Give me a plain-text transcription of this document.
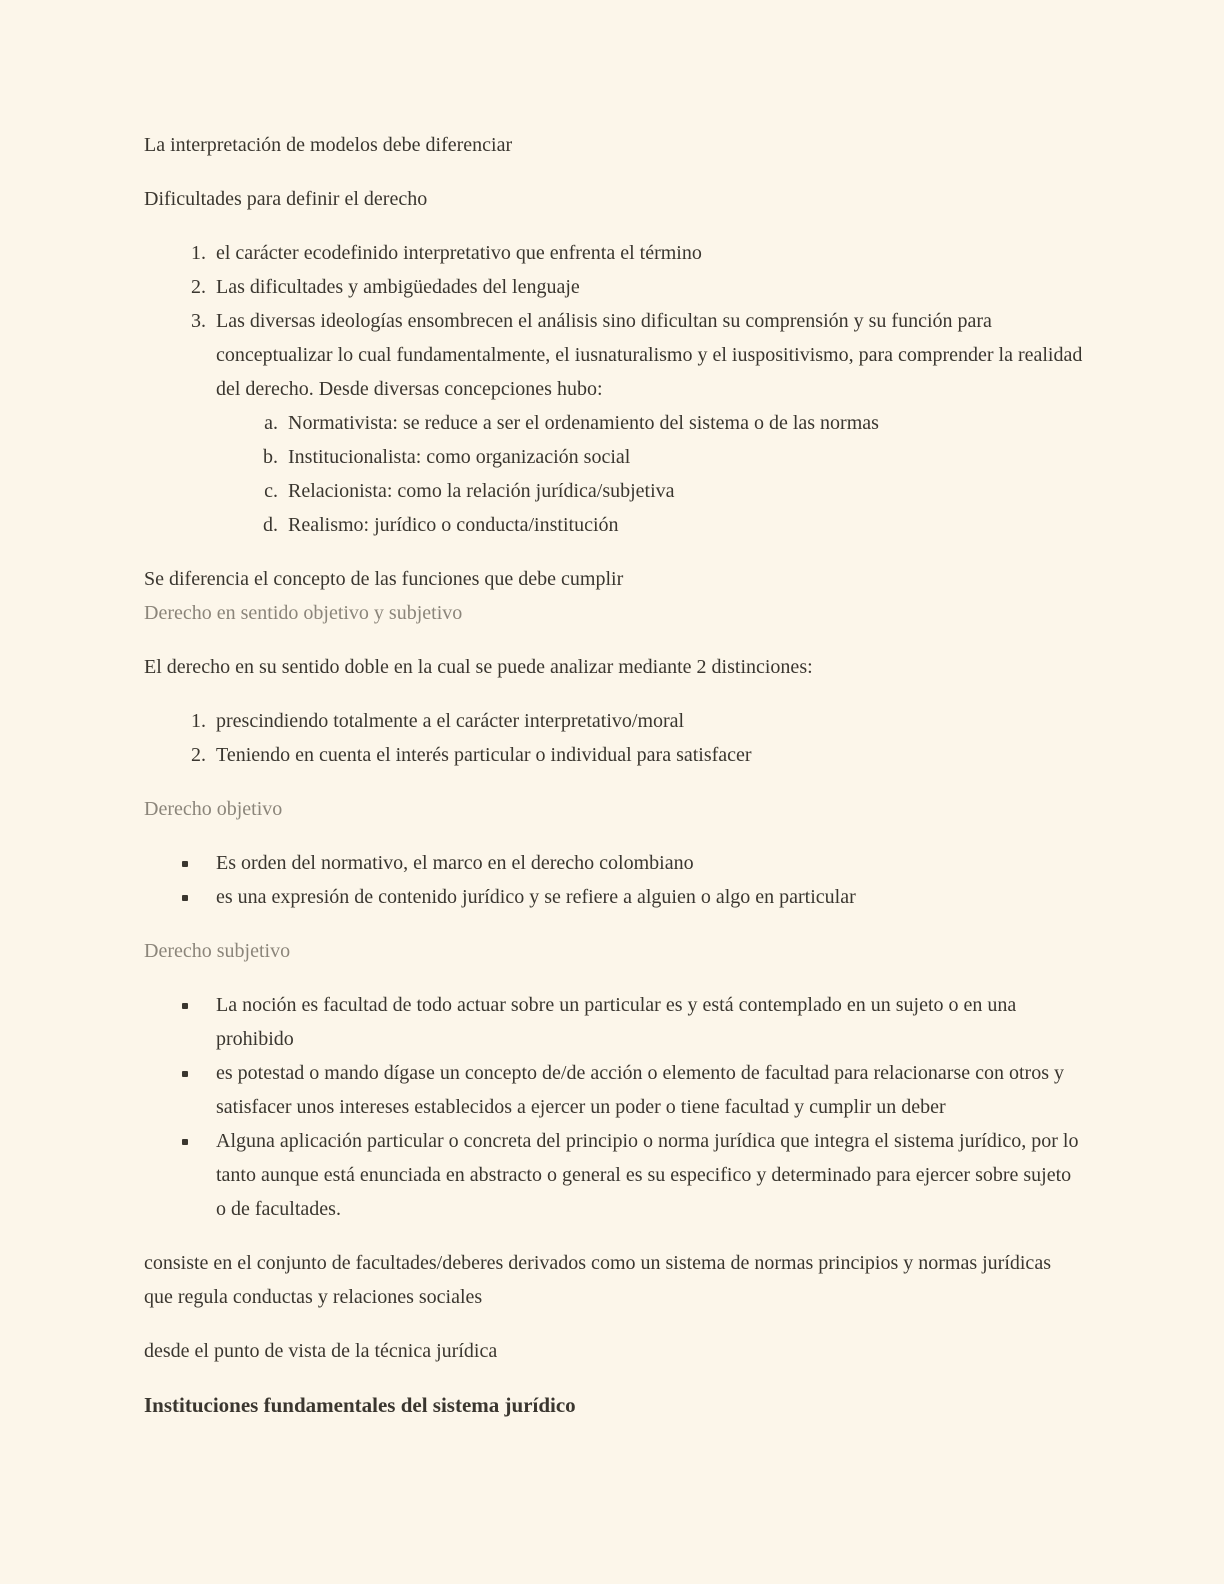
La interpretación de modelos debe diferenciar

Dificultades para definir el derecho

1. el carácter ecodefinido interpretativo que enfrenta el término
2. Las dificultades y ambigüedades del lenguaje
3. Las diversas ideologías ensombrecen el análisis sino dificultan su comprensión y su función para conceptualizar lo cual fundamentalmente, el iusnaturalismo y el iuspositivismo, para comprender la realidad del derecho. Desde diversas concepciones hubo:
a. Normativista: se reduce a ser el ordenamiento del sistema o de las normas
b. Institucionalista: como organización social
c. Relacionista: como la relación jurídica/subjetiva
d. Realismo: jurídico o conducta/institución

Se diferencia el concepto de las funciones que debe cumplir

Derecho en sentido objetivo y subjetivo

El derecho en su sentido doble en la cual se puede analizar mediante 2 distinciones:

1. prescindiendo totalmente a el carácter interpretativo/moral
2. Teniendo en cuenta el interés particular o individual para satisfacer

Derecho objetivo

Es orden del normativo, el marco en el derecho colombiano
es una expresión de contenido jurídico y se refiere a alguien o algo en particular

Derecho subjetivo

La noción es facultad de todo actuar sobre un particular es y está contemplado en un sujeto o en una prohibido
es potestad o mando dígase un concepto de/de acción o elemento de facultad para relacionarse con otros y satisfacer unos intereses establecidos a ejercer un poder o tiene facultad y cumplir un deber
Alguna aplicación particular o concreta del principio o norma jurídica que integra el sistema jurídico, por lo tanto aunque está enunciada en abstracto o general es su especifico y determinado para ejercer sobre sujeto o de facultades.

consiste en el conjunto de facultades/deberes derivados como un sistema de normas principios y normas jurídicas que regula conductas y relaciones sociales

desde el punto de vista de la técnica jurídica

Instituciones fundamentales del sistema jurídico
